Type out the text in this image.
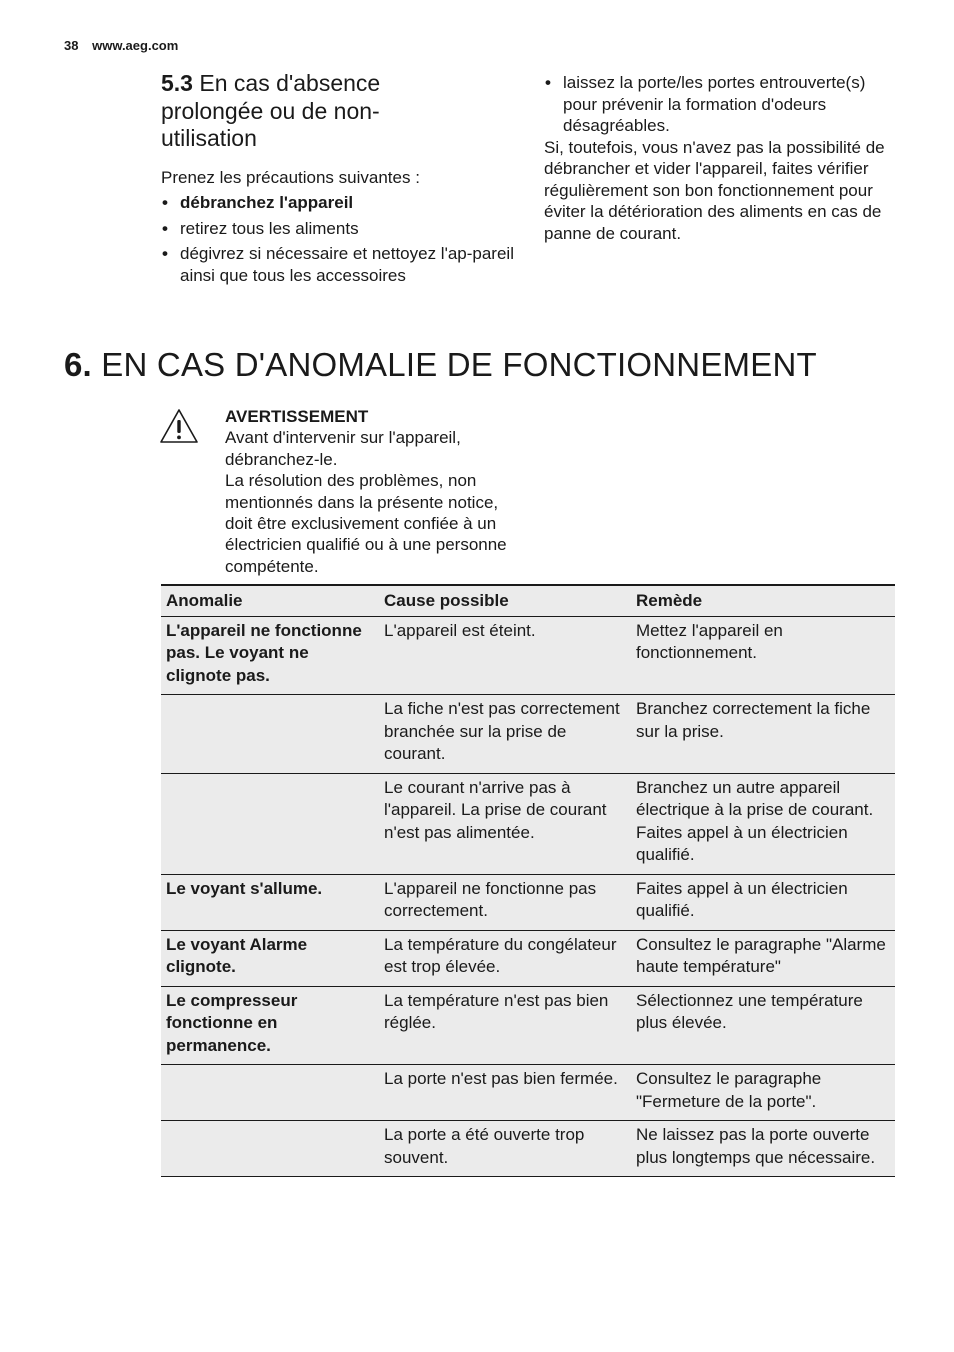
38 www.aeg.com
5.3 En cas d'absence
prolongée ou de non-
utilisation

Prenez les précautions suivantes :

• débranchez l'appareil
• retirez tous les aliments
• dégivrez si nécessaire et nettoyez l'ap-pareil ainsi que tous les accessoires
• laissez la porte/les portes entrouverte(s) pour prévenir la formation d'odeurs désagréables.
Si, toutefois, vous n'avez pas la possibilité de débrancher et vider l'appareil, faites vérifier régulièrement son bon fonctionnement pour éviter la détérioration des aliments en cas de panne de courant.
6. EN CAS D'ANOMALIE DE FONCTIONNEMENT
AVERTISSEMENT
Avant d'intervenir sur l'appareil, débranchez-le.
La résolution des problèmes, non mentionnés dans la présente notice, doit être exclusivement confiée à un électricien qualifié ou à une personne compétente.
Anomalie	Cause possible	Remède
L'appareil ne fonctionne pas. Le voyant ne clignote pas.	L'appareil est éteint.	Mettez l'appareil en fonctionnement.
	La fiche n'est pas correctement branchée sur la prise de courant.	Branchez correctement la fiche sur la prise.
	Le courant n'arrive pas à l'appareil. La prise de courant n'est pas alimentée.	Branchez un autre appareil électrique à la prise de courant.
Faites appel à un électricien qualifié.
Le voyant s'allume.	L'appareil ne fonctionne pas correctement.	Faites appel à un électricien qualifié.
Le voyant Alarme clignote.	La température du congélateur est trop élevée.	Consultez le paragraphe "Alarme haute température"
Le compresseur fonctionne en permanence.	La température n'est pas bien réglée.	Sélectionnez une température plus élevée.
	La porte n'est pas bien fermée.	Consultez le paragraphe "Fermeture de la porte".
	La porte a été ouverte trop souvent.	Ne laissez pas la porte ouverte plus longtemps que nécessaire.
